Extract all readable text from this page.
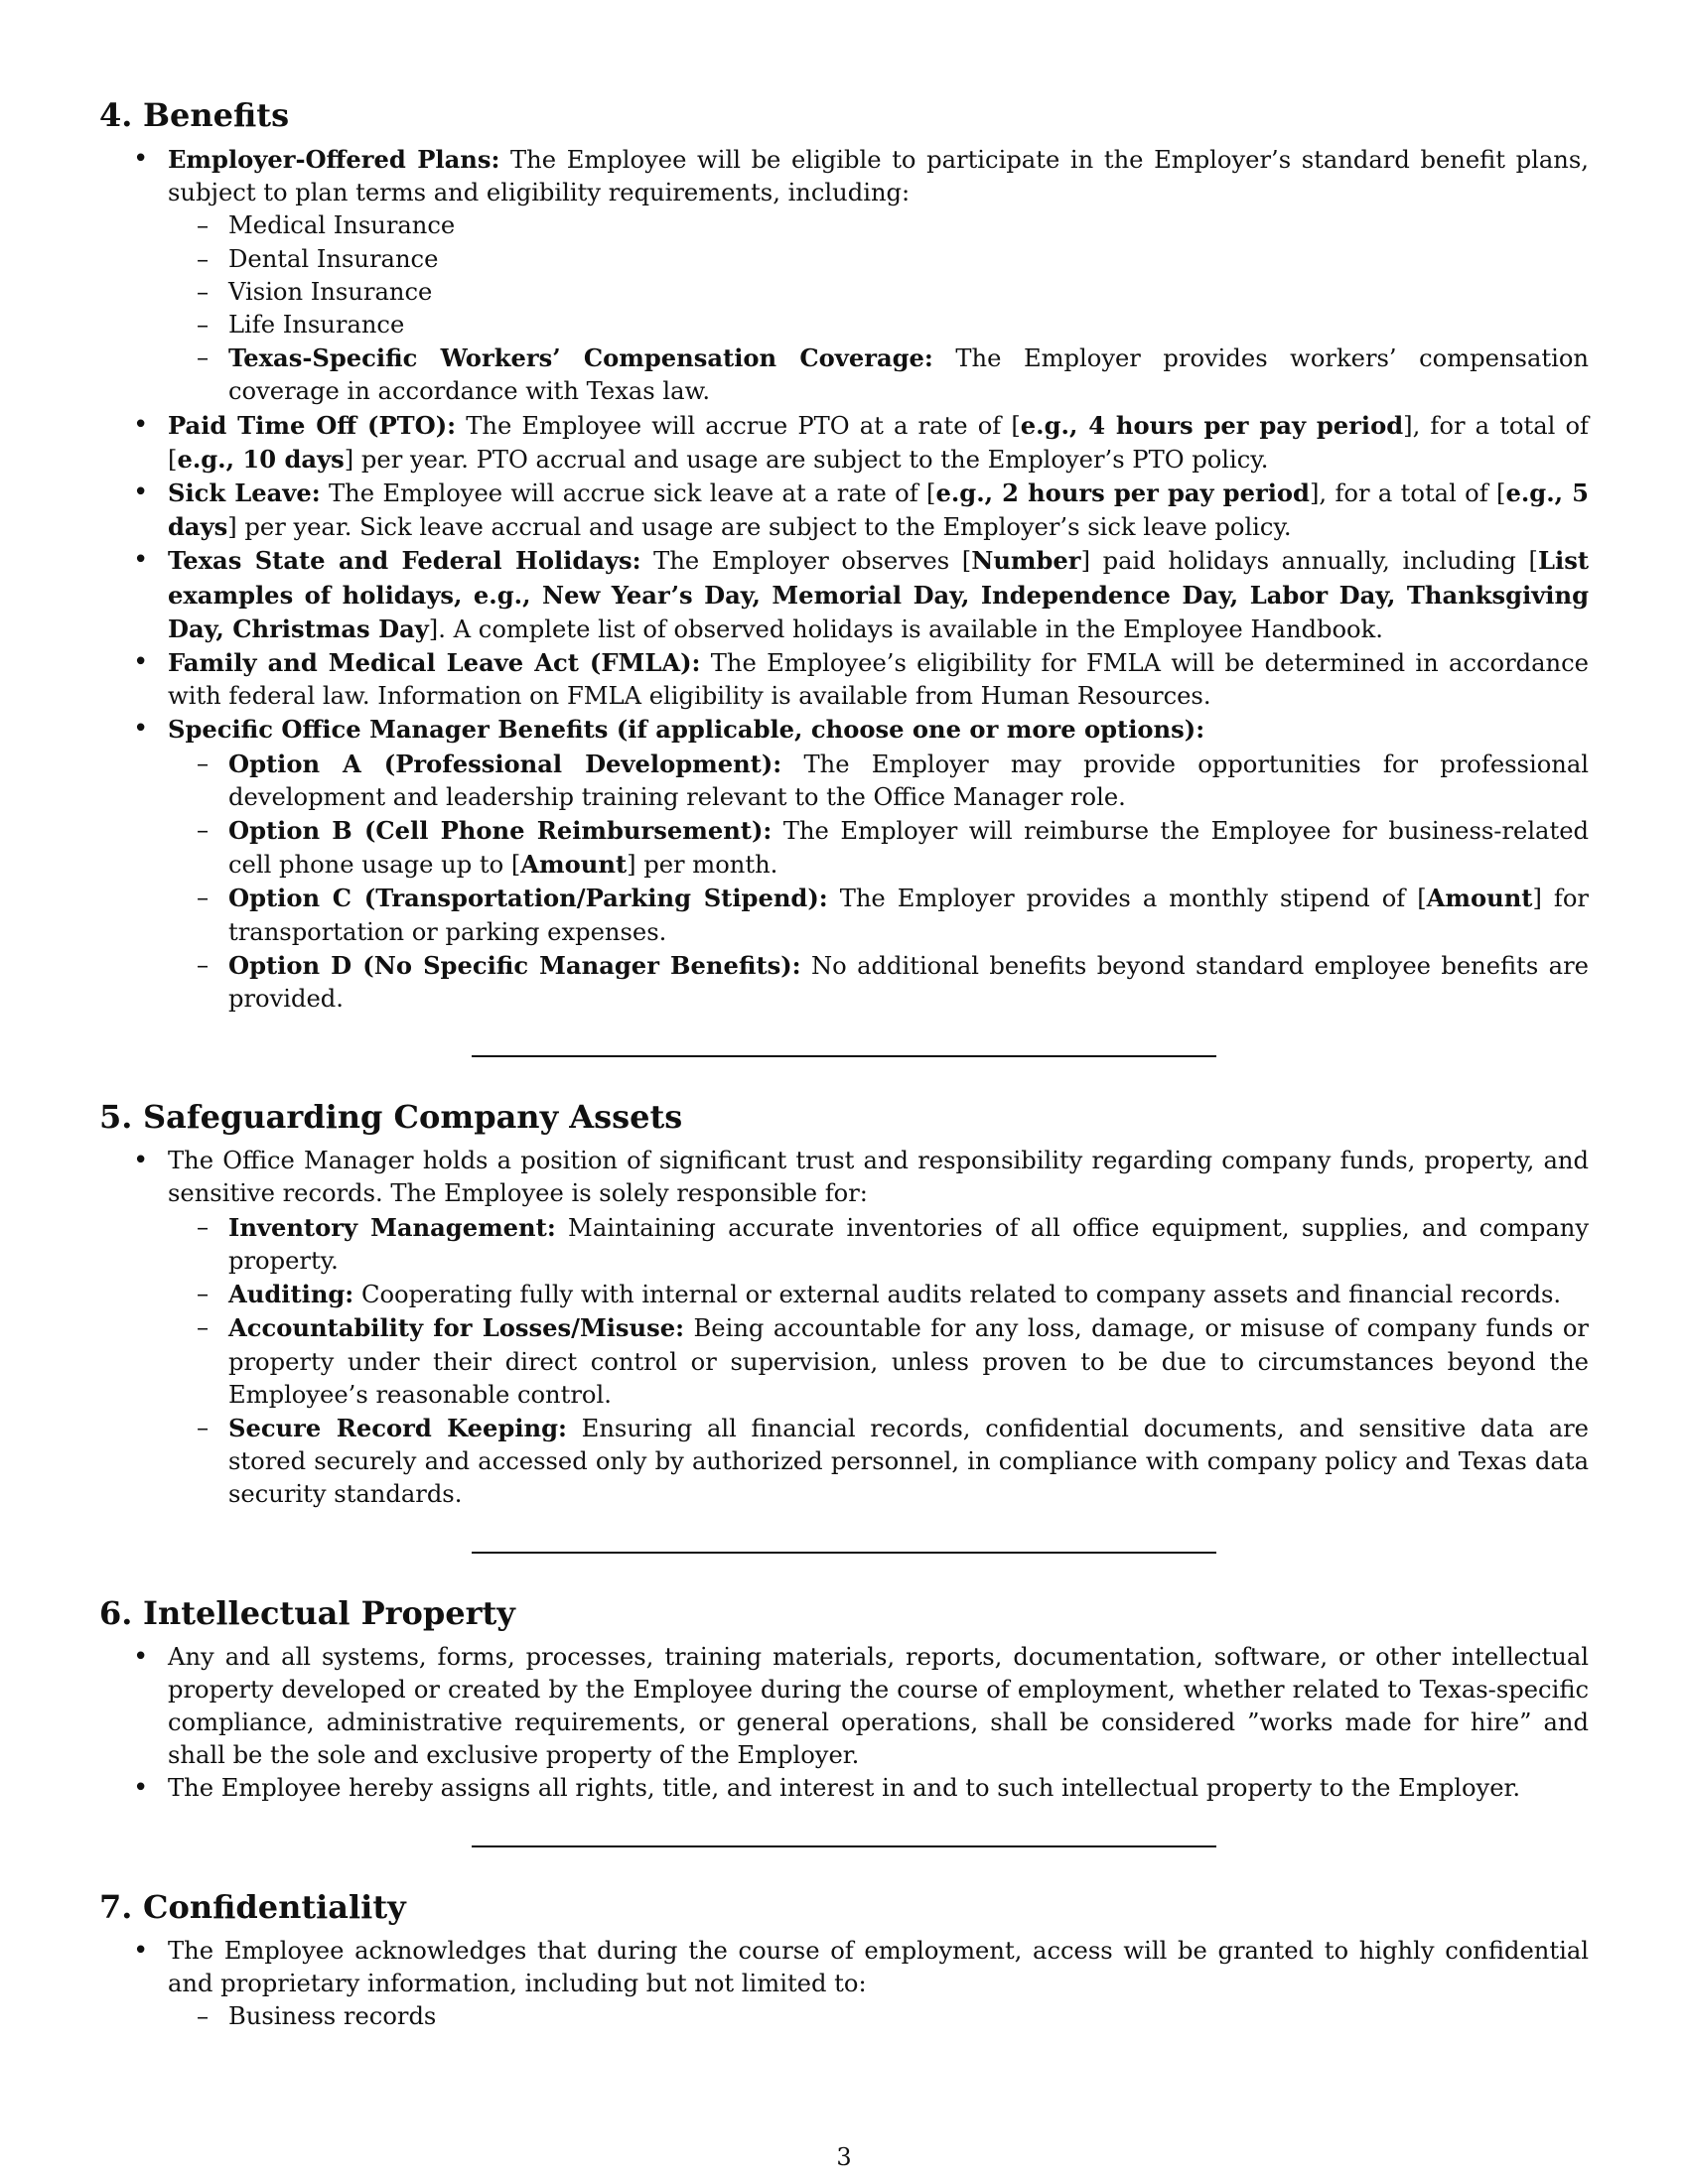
4. Benefits
• Employer-Offered Plans: The Employee will be eligible to participate in the Employer’s standard benefit plans, subject to plan terms and eligibility requirements, including:
– Medical Insurance
– Dental Insurance
– Vision Insurance
– Life Insurance
– Texas-Specific Workers’ Compensation Coverage: The Employer provides workers’ compensation coverage in accordance with Texas law.
• Paid Time Off (PTO): The Employee will accrue PTO at a rate of [e.g., 4 hours per pay period], for a total of [e.g., 10 days] per year. PTO accrual and usage are subject to the Employer’s PTO policy.
• Sick Leave: The Employee will accrue sick leave at a rate of [e.g., 2 hours per pay period], for a total of [e.g., 5 days] per year. Sick leave accrual and usage are subject to the Employer’s sick leave policy.
• Texas State and Federal Holidays: The Employer observes [Number] paid holidays annually, including [List examples of holidays, e.g., New Year’s Day, Memorial Day, Independence Day, Labor Day, Thanksgiving Day, Christmas Day]. A complete list of observed holidays is available in the Employee Handbook.
• Family and Medical Leave Act (FMLA): The Employee’s eligibility for FMLA will be determined in accordance with federal law. Information on FMLA eligibility is available from Human Resources.
• Specific Office Manager Benefits (if applicable, choose one or more options):
– Option A (Professional Development): The Employer may provide opportunities for professional development and leadership training relevant to the Office Manager role.
– Option B (Cell Phone Reimbursement): The Employer will reimburse the Employee for business-related cell phone usage up to [Amount] per month.
– Option C (Transportation/Parking Stipend): The Employer provides a monthly stipend of [Amount] for transportation or parking expenses.
– Option D (No Specific Manager Benefits): No additional benefits beyond standard employee benefits are provided.
5. Safeguarding Company Assets
• The Office Manager holds a position of significant trust and responsibility regarding company funds, property, and sensitive records. The Employee is solely responsible for:
– Inventory Management: Maintaining accurate inventories of all office equipment, supplies, and company property.
– Auditing: Cooperating fully with internal or external audits related to company assets and financial records.
– Accountability for Losses/Misuse: Being accountable for any loss, damage, or misuse of company funds or property under their direct control or supervision, unless proven to be due to circumstances beyond the Employee’s reasonable control.
– Secure Record Keeping: Ensuring all financial records, confidential documents, and sensitive data are stored securely and accessed only by authorized personnel, in compliance with company policy and Texas data security standards.
6. Intellectual Property
• Any and all systems, forms, processes, training materials, reports, documentation, software, or other intellectual property developed or created by the Employee during the course of employment, whether related to Texas-specific compliance, administrative requirements, or general operations, shall be considered ”works made for hire” and shall be the sole and exclusive property of the Employer.
• The Employee hereby assigns all rights, title, and interest in and to such intellectual property to the Employer.
7. Confidentiality
• The Employee acknowledges that during the course of employment, access will be granted to highly confidential and proprietary information, including but not limited to:
– Business records
3
